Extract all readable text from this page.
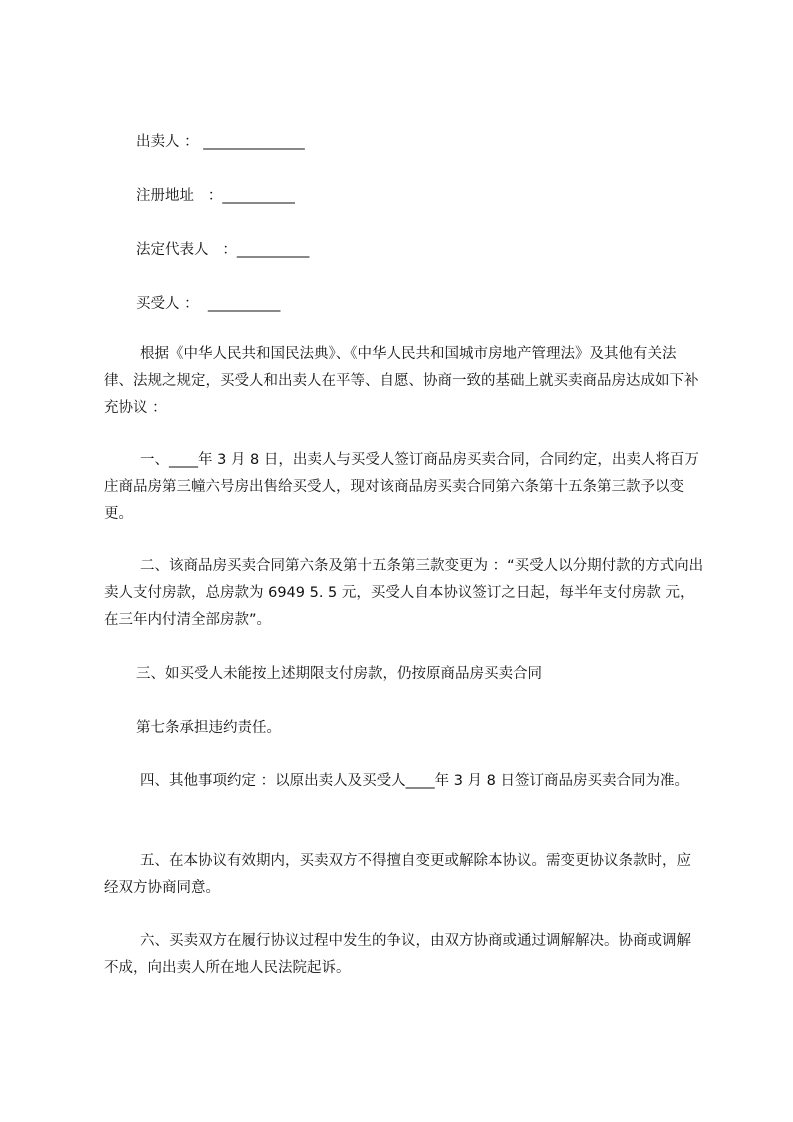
出卖人 ： ______________
注册地址   ：__________
法定代表人   ：__________
买受人 ：  __________
根据《中华人民共和国民法典》、《中华人民共和国城市房地产管理法》及其他有关法律、法规之规定，买受人和出卖人在平等、自愿、协商一致的基础上就买卖商品房达成如下补充协议 ：
一、____年 3 月 8 日，出卖人与买受人签订商品房买卖合同，合同约定，出卖人将百万庄商品房第三幢六号房出售给买受人，现对该商品房买卖合同第六条第十五条第三款予以变更。
二、该商品房买卖合同第六条及第十五条第三款变更为 ：“买受人以分期付款的方式向出卖人支付房款，总房款为 6949 5. 5 元，买受人自本协议签订之日起，每半年支付房款 元，在三年内付清全部房款”。
三、如买受人未能按上述期限支付房款，仍按原商品房买卖合同
第七条承担违约责任。
四、其他事项约定 ：以原出卖人及买受人____年 3 月 8 日签订商品房买卖合同为准。
五、在本协议有效期内，买卖双方不得擅自变更或解除本协议。需变更协议条款时，应经双方协商同意。
六、买卖双方在履行协议过程中发生的争议，由双方协商或通过调解解决。协商或调解不成，向出卖人所在地人民法院起诉。
